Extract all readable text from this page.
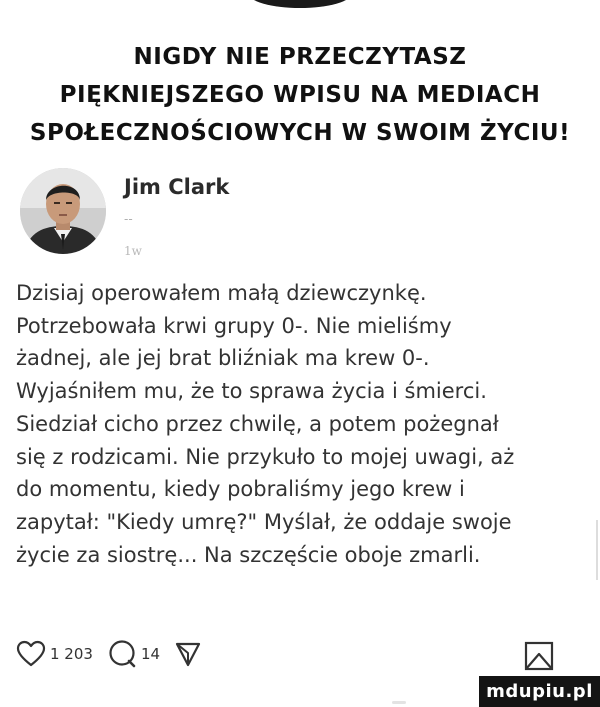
NIGDY NIE PRZECZYTASZ
PIĘKNIEJSZEGO WPISU NA MEDIACH
SPOŁECZNOŚCIOWYCH W SWOIM ŻYCIU!
Jim Clark
--
1w
Dzisiaj operowałem małą dziewczynkę.
Potrzebowała krwi grupy 0-. Nie mieliśmy
żadnej, ale jej brat bliźniak ma krew 0-.
Wyjaśniłem mu, że to sprawa życia i śmierci.
Siedział cicho przez chwilę, a potem pożegnał
się z rodzicami. Nie przykuło to mojej uwagi, aż
do momentu, kiedy pobraliśmy jego krew i
zapytał: "Kiedy umrę?" Myślał, że oddaje swoje
życie za siostrę... Na szczęście oboje zmarli.
1 203	14
mdupiu.pl
